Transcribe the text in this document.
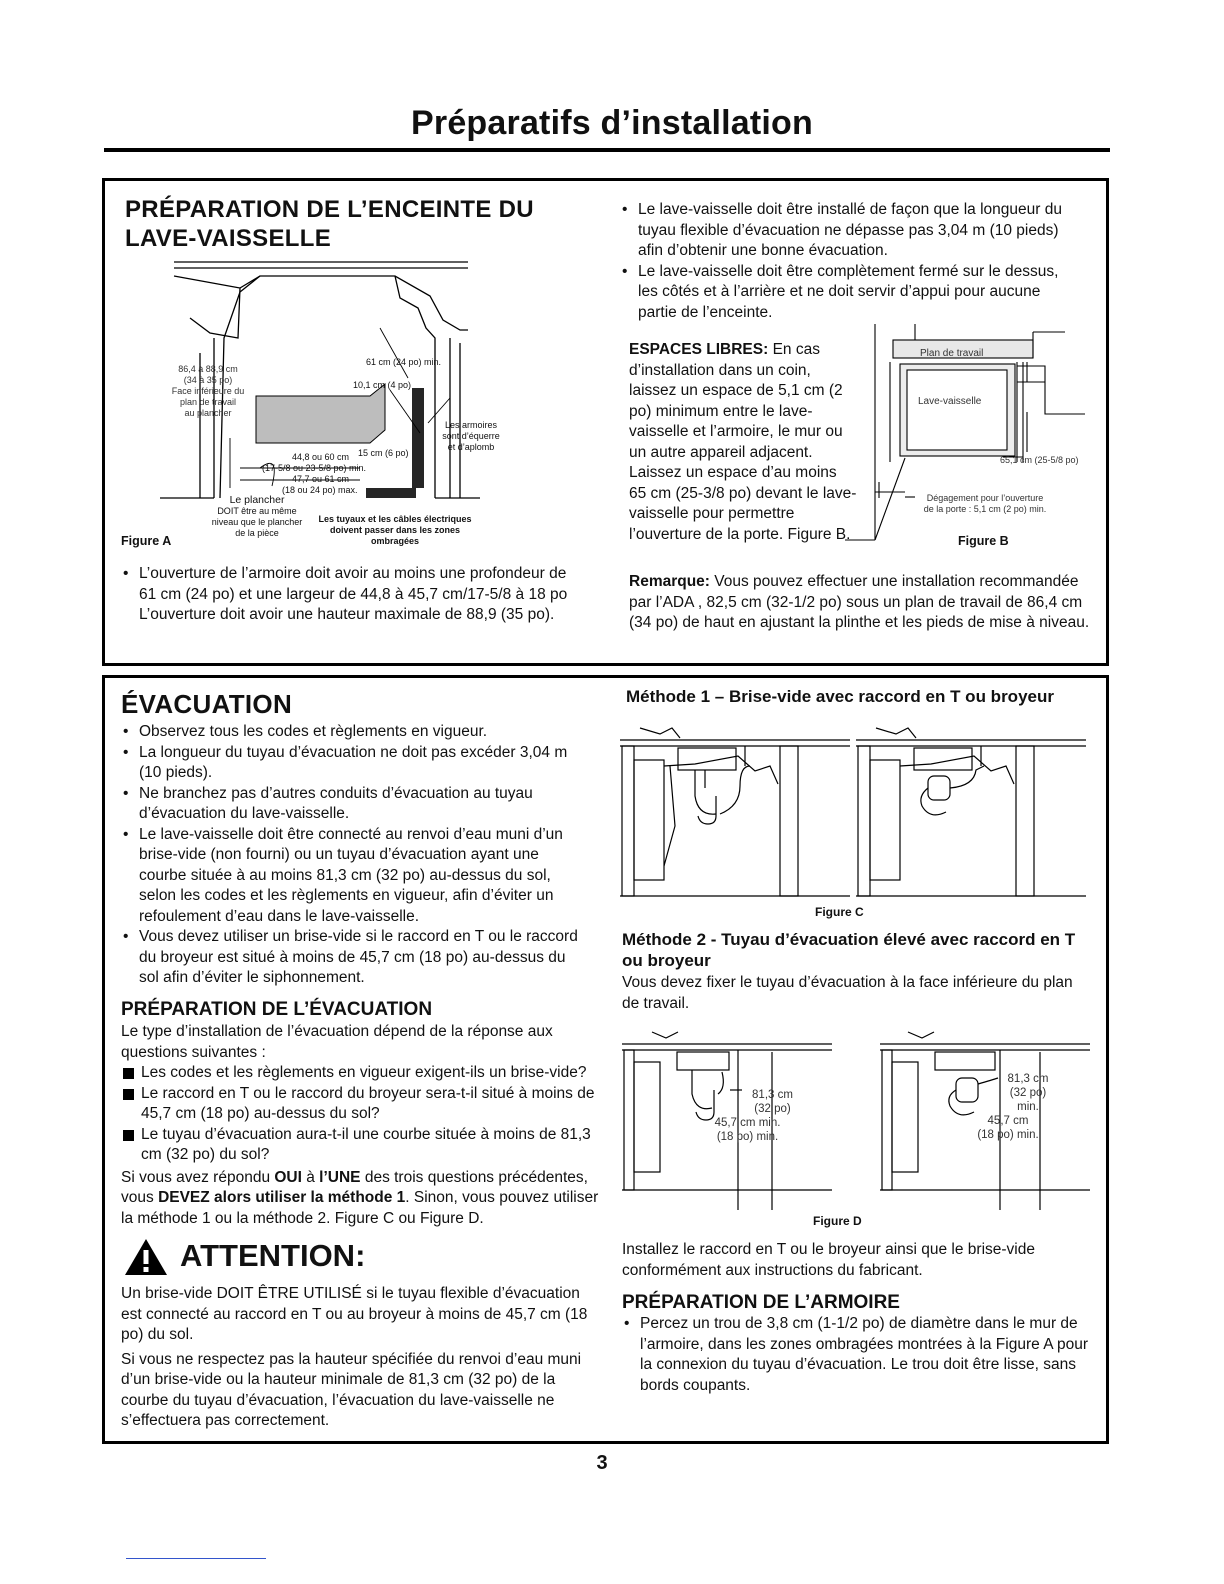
Préparatifs d’installation
PRÉPARATION DE L’ENCEINTE DU
LAVE-VAISSELLE
86,4 à 88,9 cm
(34 à 35 po)
Face inférieure du
plan de travail
au plancher
61 cm (24 po) min.
10,1 cm (4 po)
15 cm (6 po)
44,8 ou 60 cm
(17-5/8 ou 23-5/8 po) min.
47,7 ou 61 cm
(18 ou 24 po) max.
Les armoires
sont d’équerre
et d’aplomb
Le plancher
DOIT être au même
niveau que le plancher
de la pièce
Les tuyaux et les câbles électriques
doivent passer dans les zones
ombragées
Figure A
• L’ouverture de l’armoire doit avoir au moins une profondeur de
61 cm (24 po) et une largeur de 44,8 à 45,7 cm/17-5/8 à 18 po
L’ouverture doit avoir une hauteur maximale de 88,9 (35 po).
• Le lave-vaisselle doit être installé de façon que la longueur du tuyau flexible d’évacuation ne dépasse pas 3,04 m (10 pieds) afin d’obtenir une bonne évacuation.
• Le lave-vaisselle doit être complètement fermé sur le dessus, les côtés et à l’arrière et ne doit servir d’appui pour aucune partie de l’enceinte.
ESPACES LIBRES: En cas d’installation dans un coin, laissez un espace de 5,1 cm (2 po) minimum entre le lave-vaisselle et l’armoire, le mur ou un autre appareil adjacent. Laissez un espace d’au moins 65 cm (25-3/8 po) devant le lave-vaisselle pour permettre l’ouverture de la porte. Figure B.
Plan de travail
Lave-vaisselle
65,1 cm (25-5/8 po)
Dégagement pour l’ouverture
de la porte : 5,1 cm (2 po) min.
Figure B
Remarque: Vous pouvez effectuer une installation recommandée par l’ADA , 82,5 cm (32-1/2 po) sous un plan de travail de 86,4 cm (34 po) de haut en ajustant la plinthe et les pieds de mise à niveau.
ÉVACUATION
• Observez tous les codes et règlements en vigueur.
• La longueur du tuyau d’évacuation ne doit pas excéder 3,04 m (10 pieds).
• Ne branchez pas d’autres conduits d’évacuation au tuyau d’évacuation du lave-vaisselle.
• Le lave-vaisselle doit être connecté au renvoi d’eau muni d’un brise-vide (non fourni) ou un tuyau d’évacuation ayant une courbe située à au moins 81,3 cm (32 po) au-dessus du sol, selon les codes et les règlements en vigueur, afin d’éviter un refoulement d’eau dans le lave-vaisselle.
• Vous devez utiliser un brise-vide si le raccord en T ou le raccord du broyeur est situé à moins de 45,7 cm (18 po) au-dessus du sol afin d’éviter le siphonnement.
PRÉPARATION DE L’ÉVACUATION
Le type d’installation de l’évacuation dépend de la réponse aux questions suivantes :
Les codes et les règlements en vigueur exigent-ils un brise-vide?
Le raccord en T ou le raccord du broyeur sera-t-il situé à moins de 45,7 cm (18 po) au-dessus du sol?
Le tuyau d’évacuation aura-t-il une courbe située à moins de 81,3 cm (32 po) du sol?
Si vous avez répondu OUI à l’UNE des trois questions précédentes, vous DEVEZ alors utiliser la méthode 1. Sinon, vous pouvez utiliser la méthode 1 ou la méthode 2. Figure C ou Figure D.
ATTENTION:
Un brise-vide DOIT ÊTRE UTILISÉ si le tuyau flexible d’évacuation est connecté au raccord en T ou au broyeur à moins de 45,7 cm (18 po) du sol.
Si vous ne respectez pas la hauteur spécifiée du renvoi d’eau muni d’un brise-vide ou la hauteur minimale de 81,3 cm (32 po) de la courbe du tuyau d’évacuation, l’évacuation du lave-vaisselle ne s’effectuera pas correctement.
Méthode 1 – Brise-vide avec raccord en T ou broyeur
Figure C
Méthode 2 - Tuyau d’évacuation élevé avec raccord en T ou broyeur
Vous devez fixer le tuyau d’évacuation à la face inférieure du plan de travail.
81,3 cm
(32 po)
45,7 cm min.
(18 po) min.
81,3 cm
(32 po)
min.
45,7 cm
(18 po) min.
Figure D
Installez le raccord en T ou le broyeur ainsi que le brise-vide conformément aux instructions du fabricant.
PRÉPARATION DE L’ARMOIRE
• Percez un trou de 3,8 cm (1-1/2 po) de diamètre dans le mur de l’armoire, dans les zones ombragées montrées à la Figure A pour la connexion du tuyau d’évacuation. Le trou doit être lisse, sans bords coupants.
3
